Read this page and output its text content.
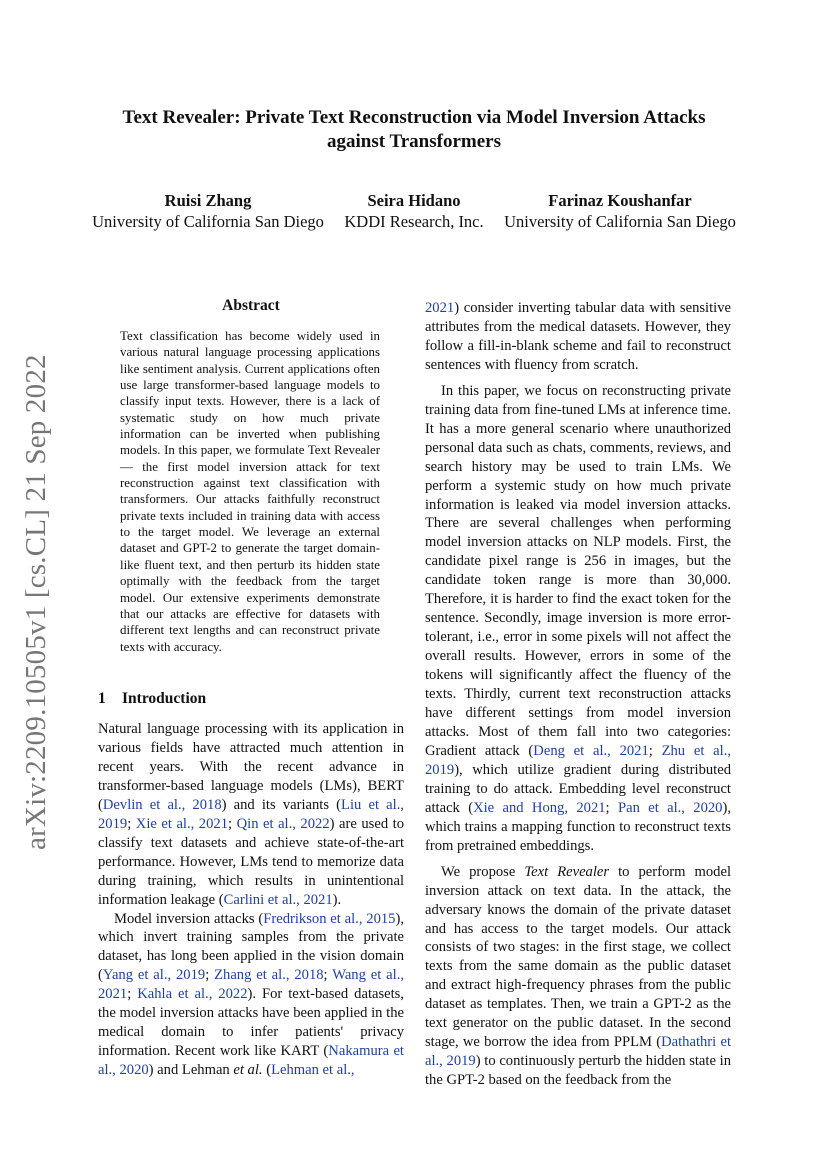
arXiv:2209.10505v1 [cs.CL] 21 Sep 2022
Text Revealer: Private Text Reconstruction via Model Inversion Attacks
against Transformers
Ruisi Zhang
University of California San Diego
Seira Hidano
KDDI Research, Inc.
Farinaz Koushanfar
University of California San Diego
Abstract
Text classification has become widely used in various natural language processing applications like sentiment analysis. Current applications often use large transformer-based language models to classify input texts. However, there is a lack of systematic study on how much private information can be inverted when publishing models. In this paper, we formulate Text Revealer — the first model inversion attack for text reconstruction against text classification with transformers. Our attacks faithfully reconstruct private texts included in training data with access to the target model. We leverage an external dataset and GPT-2 to generate the target domain-like fluent text, and then perturb its hidden state optimally with the feedback from the target model. Our extensive experiments demonstrate that our attacks are effective for datasets with different text lengths and can reconstruct private texts with accuracy.
1 Introduction

Natural language processing with its application in various fields have attracted much attention in recent years. With the recent advance in transformer-based language models (LMs), BERT (Devlin et al., 2018) and its variants (Liu et al., 2019; Xie et al., 2021; Qin et al., 2022) are used to classify text datasets and achieve state-of-the-art performance. However, LMs tend to memorize data during training, which results in unintentional information leakage (Carlini et al., 2021).

Model inversion attacks (Fredrikson et al., 2015), which invert training samples from the private dataset, has long been applied in the vision domain (Yang et al., 2019; Zhang et al., 2018; Wang et al., 2021; Kahla et al., 2022). For text-based datasets, the model inversion attacks have been applied in the medical domain to infer patients' privacy information. Recent work like KART (Nakamura et al., 2020) and Lehman et al. (Lehman et al.,

2021) consider inverting tabular data with sensitive attributes from the medical datasets. However, they follow a fill-in-blank scheme and fail to reconstruct sentences with fluency from scratch.

In this paper, we focus on reconstructing private training data from fine-tuned LMs at inference time. It has a more general scenario where unauthorized personal data such as chats, comments, reviews, and search history may be used to train LMs. We perform a systemic study on how much private information is leaked via model inversion attacks. There are several challenges when performing model inversion attacks on NLP models. First, the candidate pixel range is 256 in images, but the candidate token range is more than 30,000. Therefore, it is harder to find the exact token for the sentence. Secondly, image inversion is more error-tolerant, i.e., error in some pixels will not affect the overall results. However, errors in some of the tokens will significantly affect the fluency of the texts. Thirdly, current text reconstruction attacks have different settings from model inversion attacks. Most of them fall into two categories: Gradient attack (Deng et al., 2021; Zhu et al., 2019), which utilize gradient during distributed training to do attack. Embedding level reconstruct attack (Xie and Hong, 2021; Pan et al., 2020), which trains a mapping function to reconstruct texts from pretrained embeddings.

We propose Text Revealer to perform model inversion attack on text data. In the attack, the adversary knows the domain of the private dataset and has access to the target models. Our attack consists of two stages: in the first stage, we collect texts from the same domain as the public dataset and extract high-frequency phrases from the public dataset as templates. Then, we train a GPT-2 as the text generator on the public dataset. In the second stage, we borrow the idea from PPLM (Dathathri et al., 2019) to continuously perturb the hidden state in the GPT-2 based on the feedback from the
